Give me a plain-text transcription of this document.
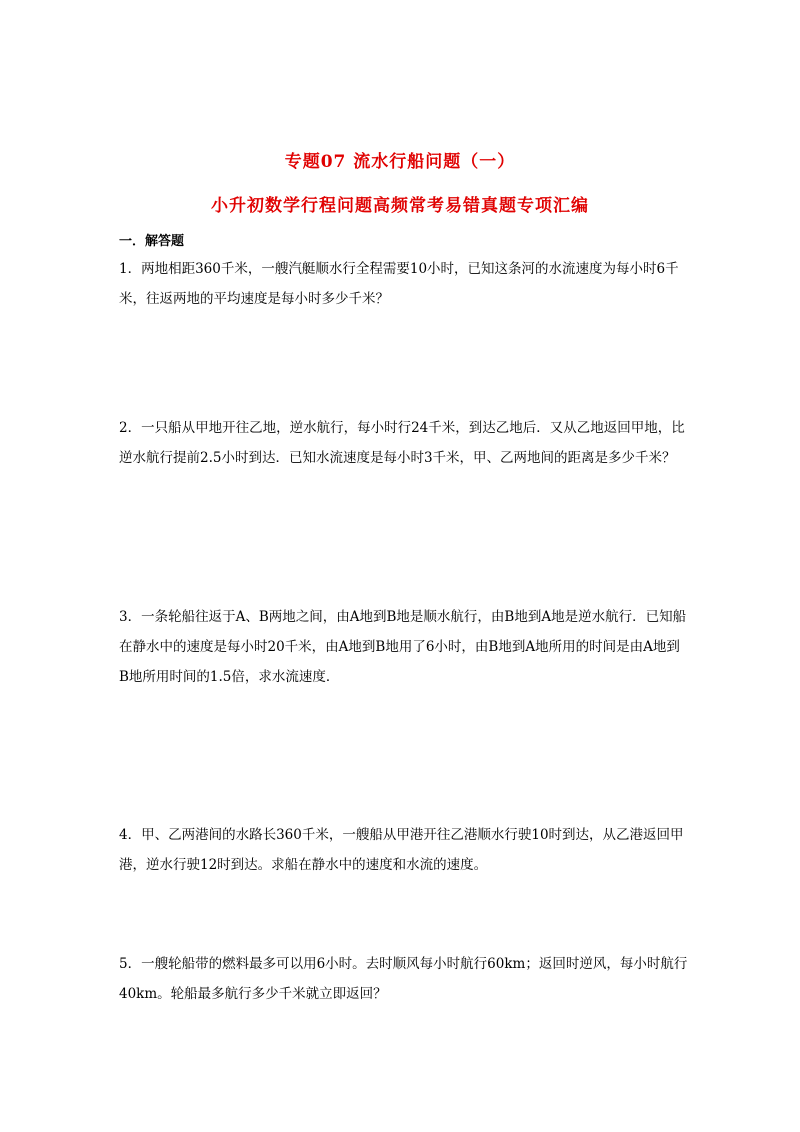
专题07 流水行船问题（一）
小升初数学行程问题高频常考易错真题专项汇编
一．解答题

1．两地相距360千米，一艘汽艇顺水行全程需要10小时，已知这条河的水流速度为每小时6千米，往返两地的平均速度是每小时多少千米？

2．一只船从甲地开往乙地，逆水航行，每小时行24千米，到达乙地后．又从乙地返回甲地，比逆水航行提前2.5小时到达．已知水流速度是每小时3千米，甲、乙两地间的距离是多少千米？

3．一条轮船往返于A、B两地之间，由A地到B地是顺水航行，由B地到A地是逆水航行．已知船在静水中的速度是每小时20千米，由A地到B地用了6小时，由B地到A地所用的时间是由A地到B地所用时间的1.5倍，求水流速度．

4．甲、乙两港间的水路长360千米，一艘船从甲港开往乙港顺水行驶10时到达，从乙港返回甲港，逆水行驶12时到达。求船在静水中的速度和水流的速度。

5．一艘轮船带的燃料最多可以用6小时。去时顺风每小时航行60km；返回时逆风，每小时航行40km。轮船最多航行多少千米就立即返回？
